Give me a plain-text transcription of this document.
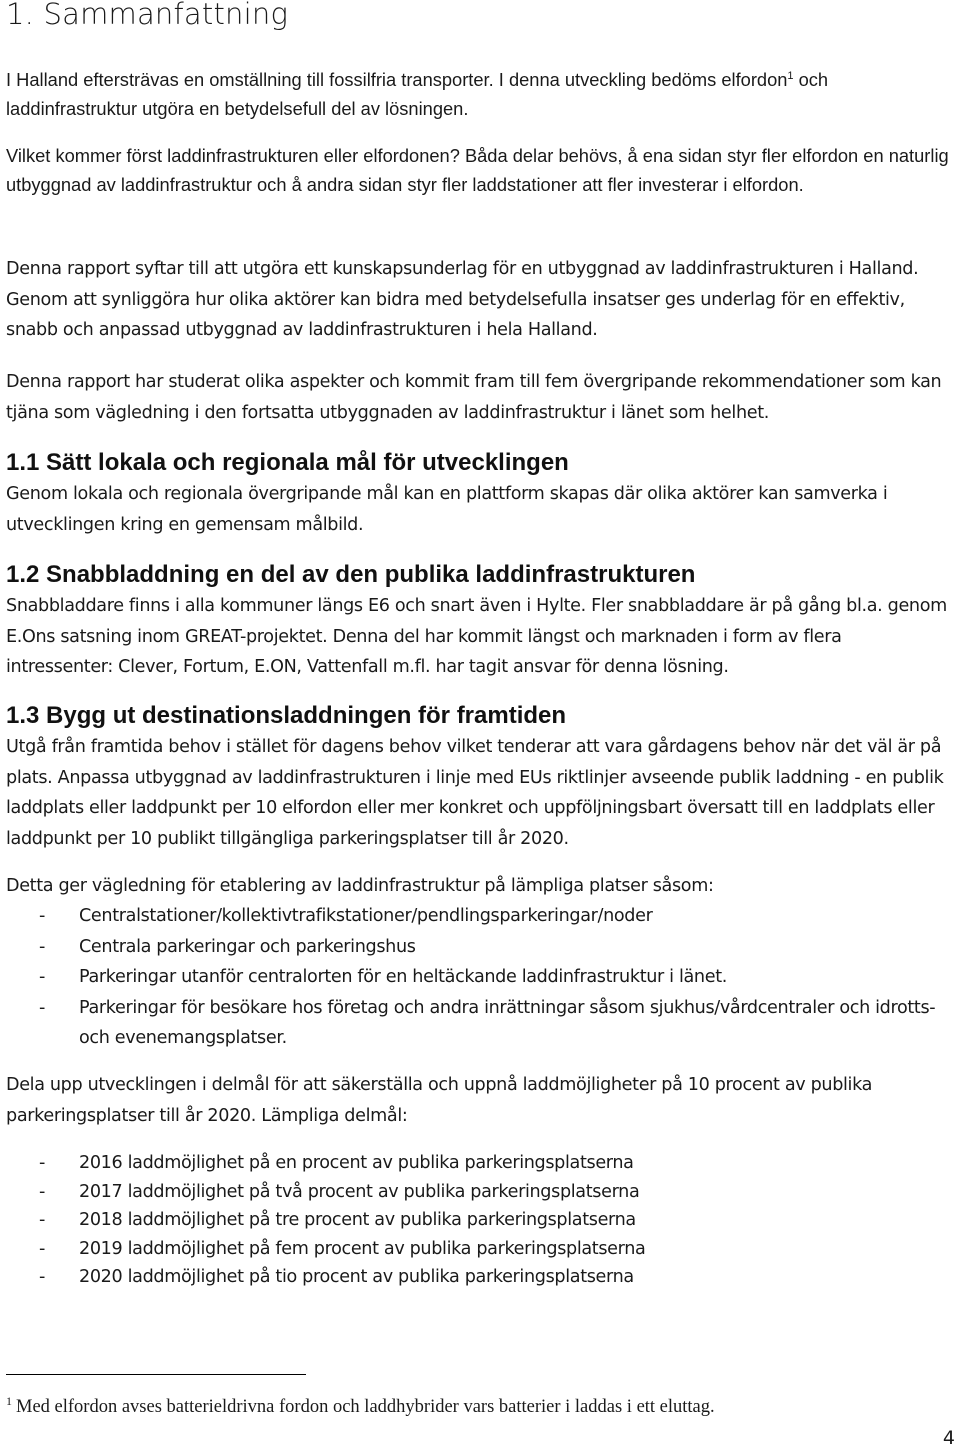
1. Sammanfattning

I Halland eftersträvas en omställning till fossilfria transporter. I denna utveckling bedöms elfordon$^1$ och laddinfrastruktur utgöra en betydelsefull del av lösningen.

Vilket kommer först laddinfrastrukturen eller elfordonen? Båda delar behövs, å ena sidan styr fler elfordon en naturlig utbyggnad av laddinfrastruktur och å andra sidan styr fler laddstationer att fler investerar i elfordon.

Denna rapport syftar till att utgöra ett kunskapsunderlag för en utbyggnad av laddinfrastrukturen i Halland. Genom att synliggöra hur olika aktörer kan bidra med betydelsefulla insatser ges underlag för en effektiv, snabb och anpassad utbyggnad av laddinfrastrukturen i hela Halland.

Denna rapport har studerat olika aspekter och kommit fram till fem övergripande rekommendationer som kan tjäna som vägledning i den fortsatta utbyggnaden av laddinfrastruktur i länet som helhet.

1.1 Sätt lokala och regionala mål för utvecklingen

Genom lokala och regionala övergripande mål kan en plattform skapas där olika aktörer kan samverka i utvecklingen kring en gemensam målbild.

1.2 Snabbladdning en del av den publika laddinfrastrukturen

Snabbladdare finns i alla kommuner längs E6 och snart även i Hylte. Fler snabbladdare är på gång bl.a. genom E.Ons satsning inom GREAT-projektet. Denna del har kommit längst och marknaden i form av flera intressenter: Clever, Fortum, E.ON, Vattenfall m.fl. har tagit ansvar för denna lösning.

1.3 Bygg ut destinationsladdningen för framtiden

Utgå från framtida behov i stället för dagens behov vilket tenderar att vara gårdagens behov när det väl är på plats. Anpassa utbyggnad av laddinfrastrukturen i linje med EUs riktlinjer avseende publik laddning - en publik laddplats eller laddpunkt per 10 elfordon eller mer konkret och uppföljningsbart översatt till en laddplats eller laddpunkt per 10 publikt tillgängliga parkeringsplatser till år 2020.

Detta ger vägledning för etablering av laddinfrastruktur på lämpliga platser såsom:

- Centralstationer/kollektivtrafikstationer/pendlingsparkeringar/noder
- Centrala parkeringar och parkeringshus
- Parkeringar utanför centralorten för en heltäckande laddinfrastruktur i länet.
- Parkeringar för besökare hos företag och andra inrättningar såsom sjukhus/vårdcentraler och idrotts- och evenemangsplatser.

Dela upp utvecklingen i delmål för att säkerställa och uppnå laddmöjligheter på 10 procent av publika parkeringsplatser till år 2020. Lämpliga delmål:

- 2016 laddmöjlighet på en procent av publika parkeringsplatserna
- 2017 laddmöjlighet på två procent av publika parkeringsplatserna
- 2018 laddmöjlighet på tre procent av publika parkeringsplatserna
- 2019 laddmöjlighet på fem procent av publika parkeringsplatserna
- 2020 laddmöjlighet på tio procent av publika parkeringsplatserna
$^1$ Med elfordon avses batterieldrivna fordon och laddhybrider vars batterier i laddas i ett eluttag.
4
